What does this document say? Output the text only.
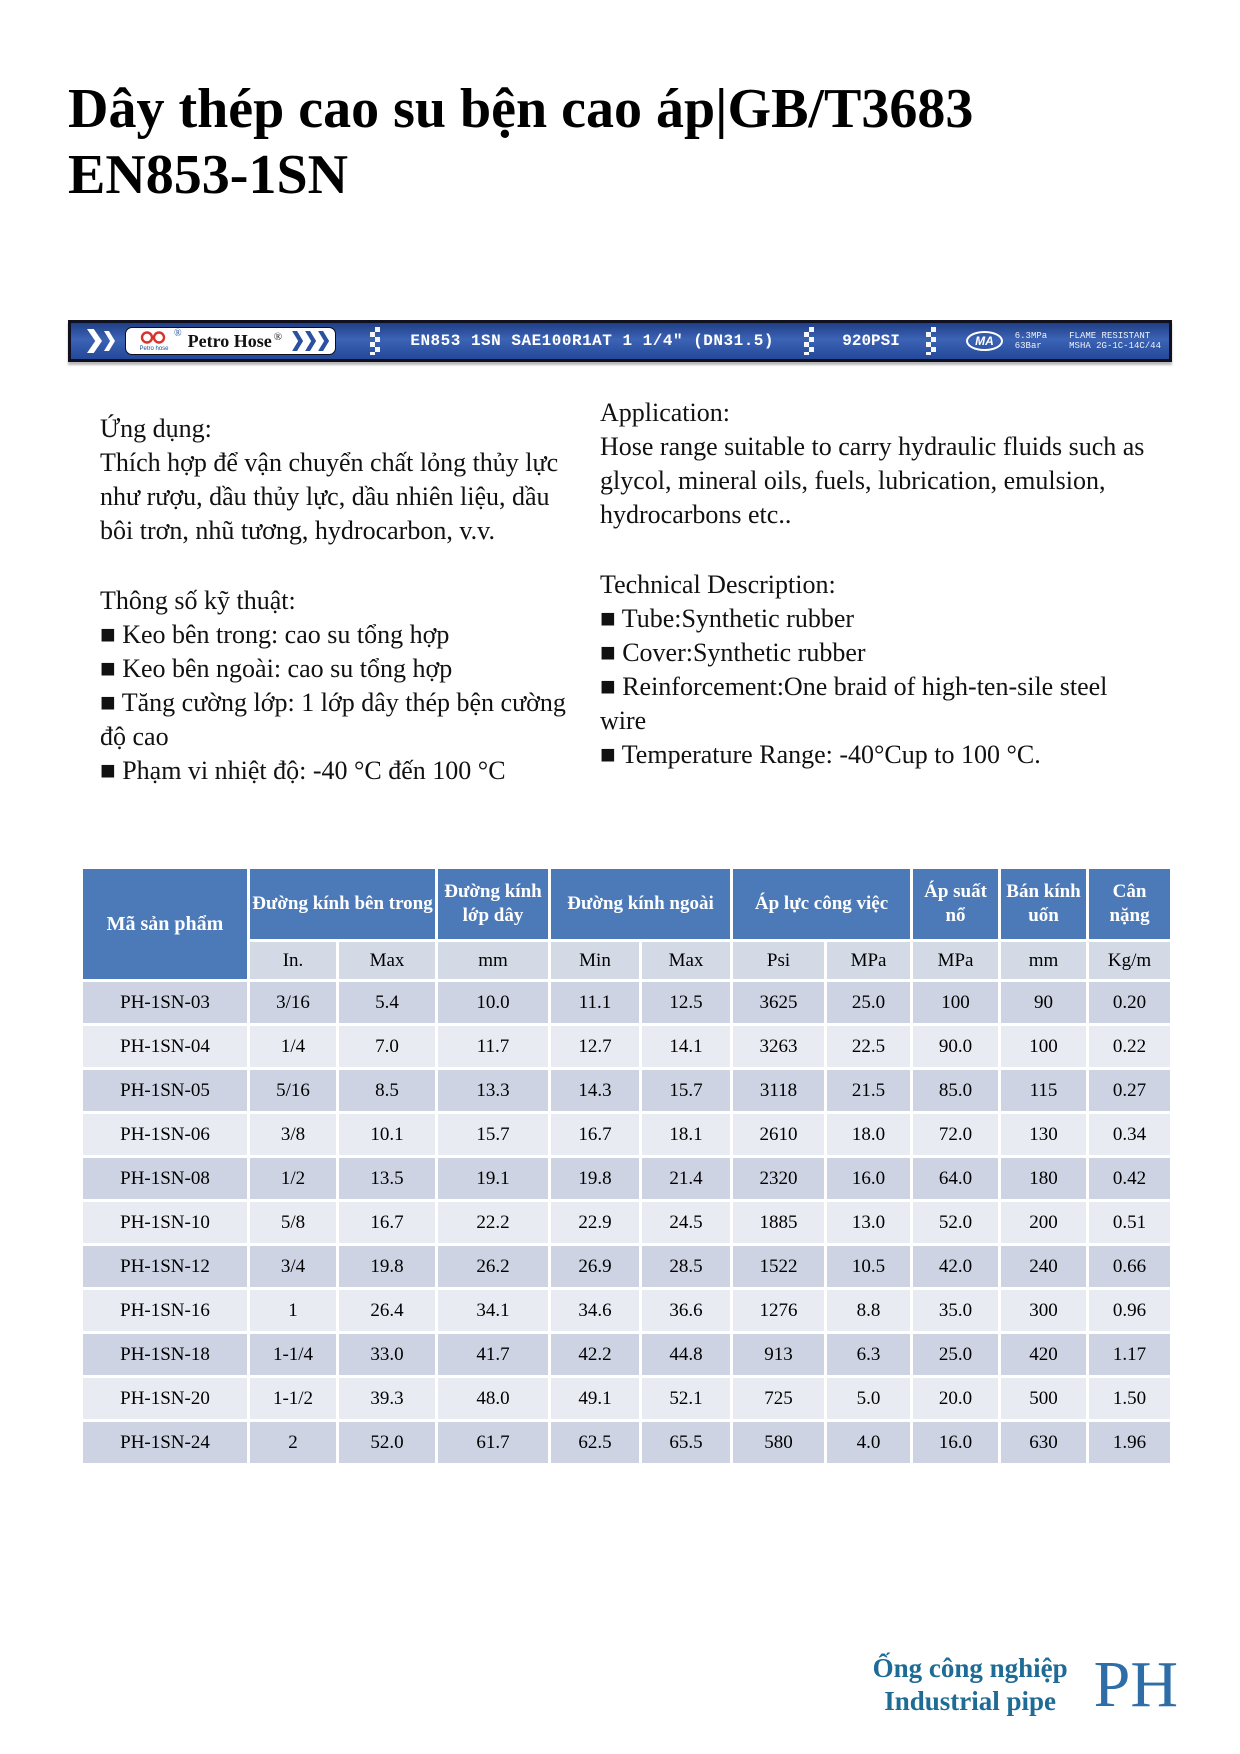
Dây thép cao su bện cao áp|GB/T3683
EN853-1SN
Petro hose
® Petro Hose ®	EN853 1SN SAE100R1AT 1 1/4" (DN31.5)	920PSI	MA	6.3MPa
63Bar
FLAME RESISTANT
MSHA 2G-1C-14C/44

Ứng dụng:

Thích hợp để vận chuyển chất lỏng thủy lực như rượu, dầu thủy lực, dầu nhiên liệu, dầu bôi trơn, nhũ tương, hydrocarbon, v.v.

Thông số kỹ thuật:

■ Keo bên trong: cao su tổng hợp

■ Keo bên ngoài: cao su tổng hợp

■ Tăng cường lớp: 1 lớp dây thép bện cường độ cao

■ Phạm vi nhiệt độ: -40 °C đến 100 °C

Application:

Hose range suitable to carry hydraulic fluids such as glycol, mineral oils, fuels, lubrication, emulsion, hydrocarbons etc..

Technical Description:

■ Tube:Synthetic rubber

■ Cover:Synthetic rubber

■ Reinforcement:One braid of high-ten-sile steel wire

■ Temperature Range: -40°Cup to 100 °C.

Mã sản phẩm	Đường kính bên trong		Đường kính lớp dây	Đường kính ngoài		Áp lực công việc		Áp suất nổ	Bán kính uốn	Cân nặng
	In.	Max	mm	Min	Max	Psi	MPa	MPa	mm	Kg/m
PH-1SN-03	3/16	5.4	10.0	11.1	12.5	3625	25.0	100	90	0.20
PH-1SN-04	1/4	7.0	11.7	12.7	14.1	3263	22.5	90.0	100	0.22
PH-1SN-05	5/16	8.5	13.3	14.3	15.7	3118	21.5	85.0	115	0.27
PH-1SN-06	3/8	10.1	15.7	16.7	18.1	2610	18.0	72.0	130	0.34
PH-1SN-08	1/2	13.5	19.1	19.8	21.4	2320	16.0	64.0	180	0.42
PH-1SN-10	5/8	16.7	22.2	22.9	24.5	1885	13.0	52.0	200	0.51
PH-1SN-12	3/4	19.8	26.2	26.9	28.5	1522	10.5	42.0	240	0.66
PH-1SN-16	1	26.4	34.1	34.6	36.6	1276	8.8	35.0	300	0.96
PH-1SN-18	1-1/4	33.0	41.7	42.2	44.8	913	6.3	25.0	420	1.17
PH-1SN-20	1-1/2	39.3	48.0	49.1	52.1	725	5.0	20.0	500	1.50
PH-1SN-24	2	52.0	61.7	62.5	65.5	580	4.0	16.0	630	1.96
Ống công nghiệp
Industrial pipe PH
